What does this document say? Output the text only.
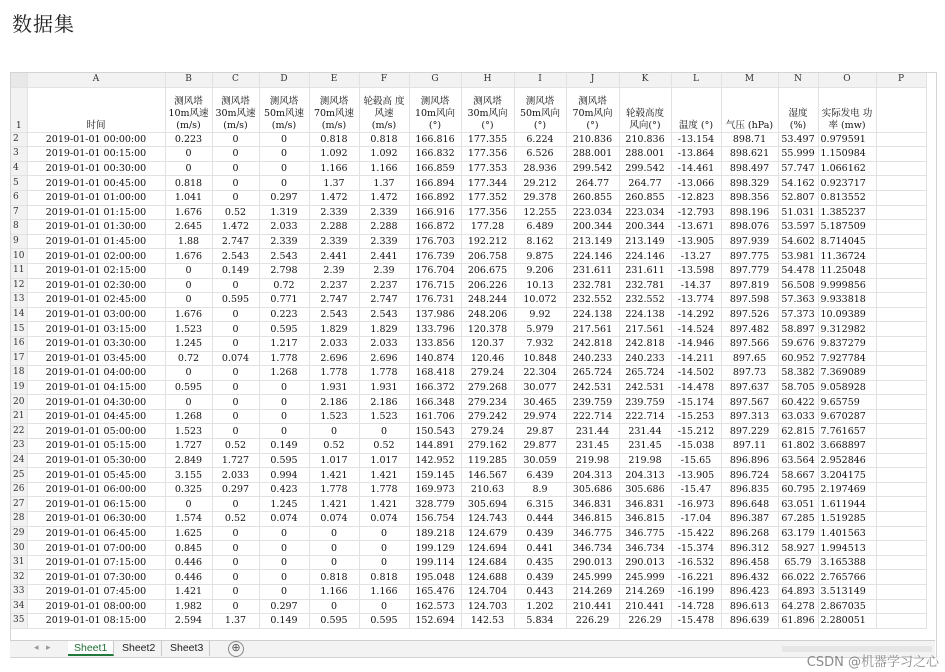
数据集
	A	B	C	D	E	F	G	H	I	J	K	L	M	N	O	P
1	时间	测风塔 10m风速 (m/s)	测风塔 30m风速 (m/s)	测风塔 50m风速 (m/s)	测风塔 70m风速 (m/s)	轮毂高 度风速 (m/s)	测风塔 10m风向 (°)	测风塔 30m风向 (°)	测风塔 50m风向 (°)	测风塔 70m风向 (°)	轮毂高度 风向(°)	温度 (°)	气压 (hPa)	湿度(%)	实际发电 功率 (mw)	
2	2019-01-01 00:00:00	0.223	0	0	0.818	0.818	166.816	177.355	6.224	210.836	210.836	-13.154	898.71	53.497	0.979591	
3	2019-01-01 00:15:00	0	0	0	1.092	1.092	166.832	177.356	6.526	288.001	288.001	-13.864	898.621	55.999	1.150984	
4	2019-01-01 00:30:00	0	0	0	1.166	1.166	166.859	177.353	28.936	299.542	299.542	-14.461	898.497	57.747	1.066162	
5	2019-01-01 00:45:00	0.818	0	0	1.37	1.37	166.894	177.344	29.212	264.77	264.77	-13.066	898.329	54.162	0.923717	
6	2019-01-01 01:00:00	1.041	0	0.297	1.472	1.472	166.892	177.352	29.378	260.855	260.855	-12.823	898.356	52.807	0.813552	
7	2019-01-01 01:15:00	1.676	0.52	1.319	2.339	2.339	166.916	177.356	12.255	223.034	223.034	-12.793	898.196	51.031	1.385237	
8	2019-01-01 01:30:00	2.645	1.472	2.033	2.288	2.288	166.872	177.28	6.489	200.344	200.344	-13.671	898.076	53.597	5.187509	
9	2019-01-01 01:45:00	1.88	2.747	2.339	2.339	2.339	176.703	192.212	8.162	213.149	213.149	-13.905	897.939	54.602	8.714045	
10	2019-01-01 02:00:00	1.676	2.543	2.543	2.441	2.441	176.739	206.758	9.875	224.146	224.146	-13.27	897.775	53.981	11.36724	
11	2019-01-01 02:15:00	0	0.149	2.798	2.39	2.39	176.704	206.675	9.206	231.611	231.611	-13.598	897.779	54.478	11.25048	
12	2019-01-01 02:30:00	0	0	0.72	2.237	2.237	176.715	206.226	10.13	232.781	232.781	-14.37	897.819	56.508	9.999856	
13	2019-01-01 02:45:00	0	0.595	0.771	2.747	2.747	176.731	248.244	10.072	232.552	232.552	-13.774	897.598	57.363	9.933818	
14	2019-01-01 03:00:00	1.676	0	0.223	2.543	2.543	137.986	248.206	9.92	224.138	224.138	-14.292	897.526	57.373	10.09389	
15	2019-01-01 03:15:00	1.523	0	0.595	1.829	1.829	133.796	120.378	5.979	217.561	217.561	-14.524	897.482	58.897	9.312982	
16	2019-01-01 03:30:00	1.245	0	1.217	2.033	2.033	133.856	120.37	7.932	242.818	242.818	-14.946	897.566	59.676	9.837279	
17	2019-01-01 03:45:00	0.72	0.074	1.778	2.696	2.696	140.874	120.46	10.848	240.233	240.233	-14.211	897.65	60.952	7.927784	
18	2019-01-01 04:00:00	0	0	1.268	1.778	1.778	168.418	279.24	22.304	265.724	265.724	-14.502	897.73	58.382	7.369089	
19	2019-01-01 04:15:00	0.595	0	0	1.931	1.931	166.372	279.268	30.077	242.531	242.531	-14.478	897.637	58.705	9.058928	
20	2019-01-01 04:30:00	0	0	0	2.186	2.186	166.348	279.234	30.465	239.759	239.759	-15.174	897.567	60.422	9.65759	
21	2019-01-01 04:45:00	1.268	0	0	1.523	1.523	161.706	279.242	29.974	222.714	222.714	-15.253	897.313	63.033	9.670287	
22	2019-01-01 05:00:00	1.523	0	0	0	0	150.543	279.24	29.87	231.44	231.44	-15.212	897.229	62.815	7.761657	
23	2019-01-01 05:15:00	1.727	0.52	0.149	0.52	0.52	144.891	279.162	29.877	231.45	231.45	-15.038	897.11	61.802	3.668897	
24	2019-01-01 05:30:00	2.849	1.727	0.595	1.017	1.017	142.952	119.285	30.059	219.98	219.98	-15.65	896.896	63.564	2.952846	
25	2019-01-01 05:45:00	3.155	2.033	0.994	1.421	1.421	159.145	146.567	6.439	204.313	204.313	-13.905	896.724	58.667	3.204175	
26	2019-01-01 06:00:00	0.325	0.297	0.423	1.778	1.778	169.973	210.63	8.9	305.686	305.686	-15.47	896.835	60.795	2.197469	
27	2019-01-01 06:15:00	0	0	1.245	1.421	1.421	328.779	305.694	6.315	346.831	346.831	-16.973	896.648	63.051	1.611944	
28	2019-01-01 06:30:00	1.574	0.52	0.074	0.074	0.074	156.754	124.743	0.444	346.815	346.815	-17.04	896.387	67.285	1.519285	
29	2019-01-01 06:45:00	1.625	0	0	0	0	189.218	124.679	0.439	346.775	346.775	-15.422	896.268	63.179	1.401563	
30	2019-01-01 07:00:00	0.845	0	0	0	0	199.129	124.694	0.441	346.734	346.734	-15.374	896.312	58.927	1.994513	
31	2019-01-01 07:15:00	0.446	0	0	0	0	199.114	124.684	0.435	290.013	290.013	-16.532	896.458	65.79	3.165388	
32	2019-01-01 07:30:00	0.446	0	0	0.818	0.818	195.048	124.688	0.439	245.999	245.999	-16.221	896.432	66.022	2.765766	
33	2019-01-01 07:45:00	1.421	0	0	1.166	1.166	165.476	124.704	0.443	214.269	214.269	-16.199	896.423	64.893	3.513149	
34	2019-01-01 08:00:00	1.982	0	0.297	0	0	162.573	124.703	1.202	210.441	210.441	-14.728	896.613	64.278	2.867035	
35	2019-01-01 08:15:00	2.594	1.37	0.149	0.595	0.595	152.694	142.53	5.834	226.29	226.29	-15.478	896.639	61.896	2.280051	
◂ ▸	Sheet1	Sheet2	Sheet3	⊕
CSDN @机器学习之心
